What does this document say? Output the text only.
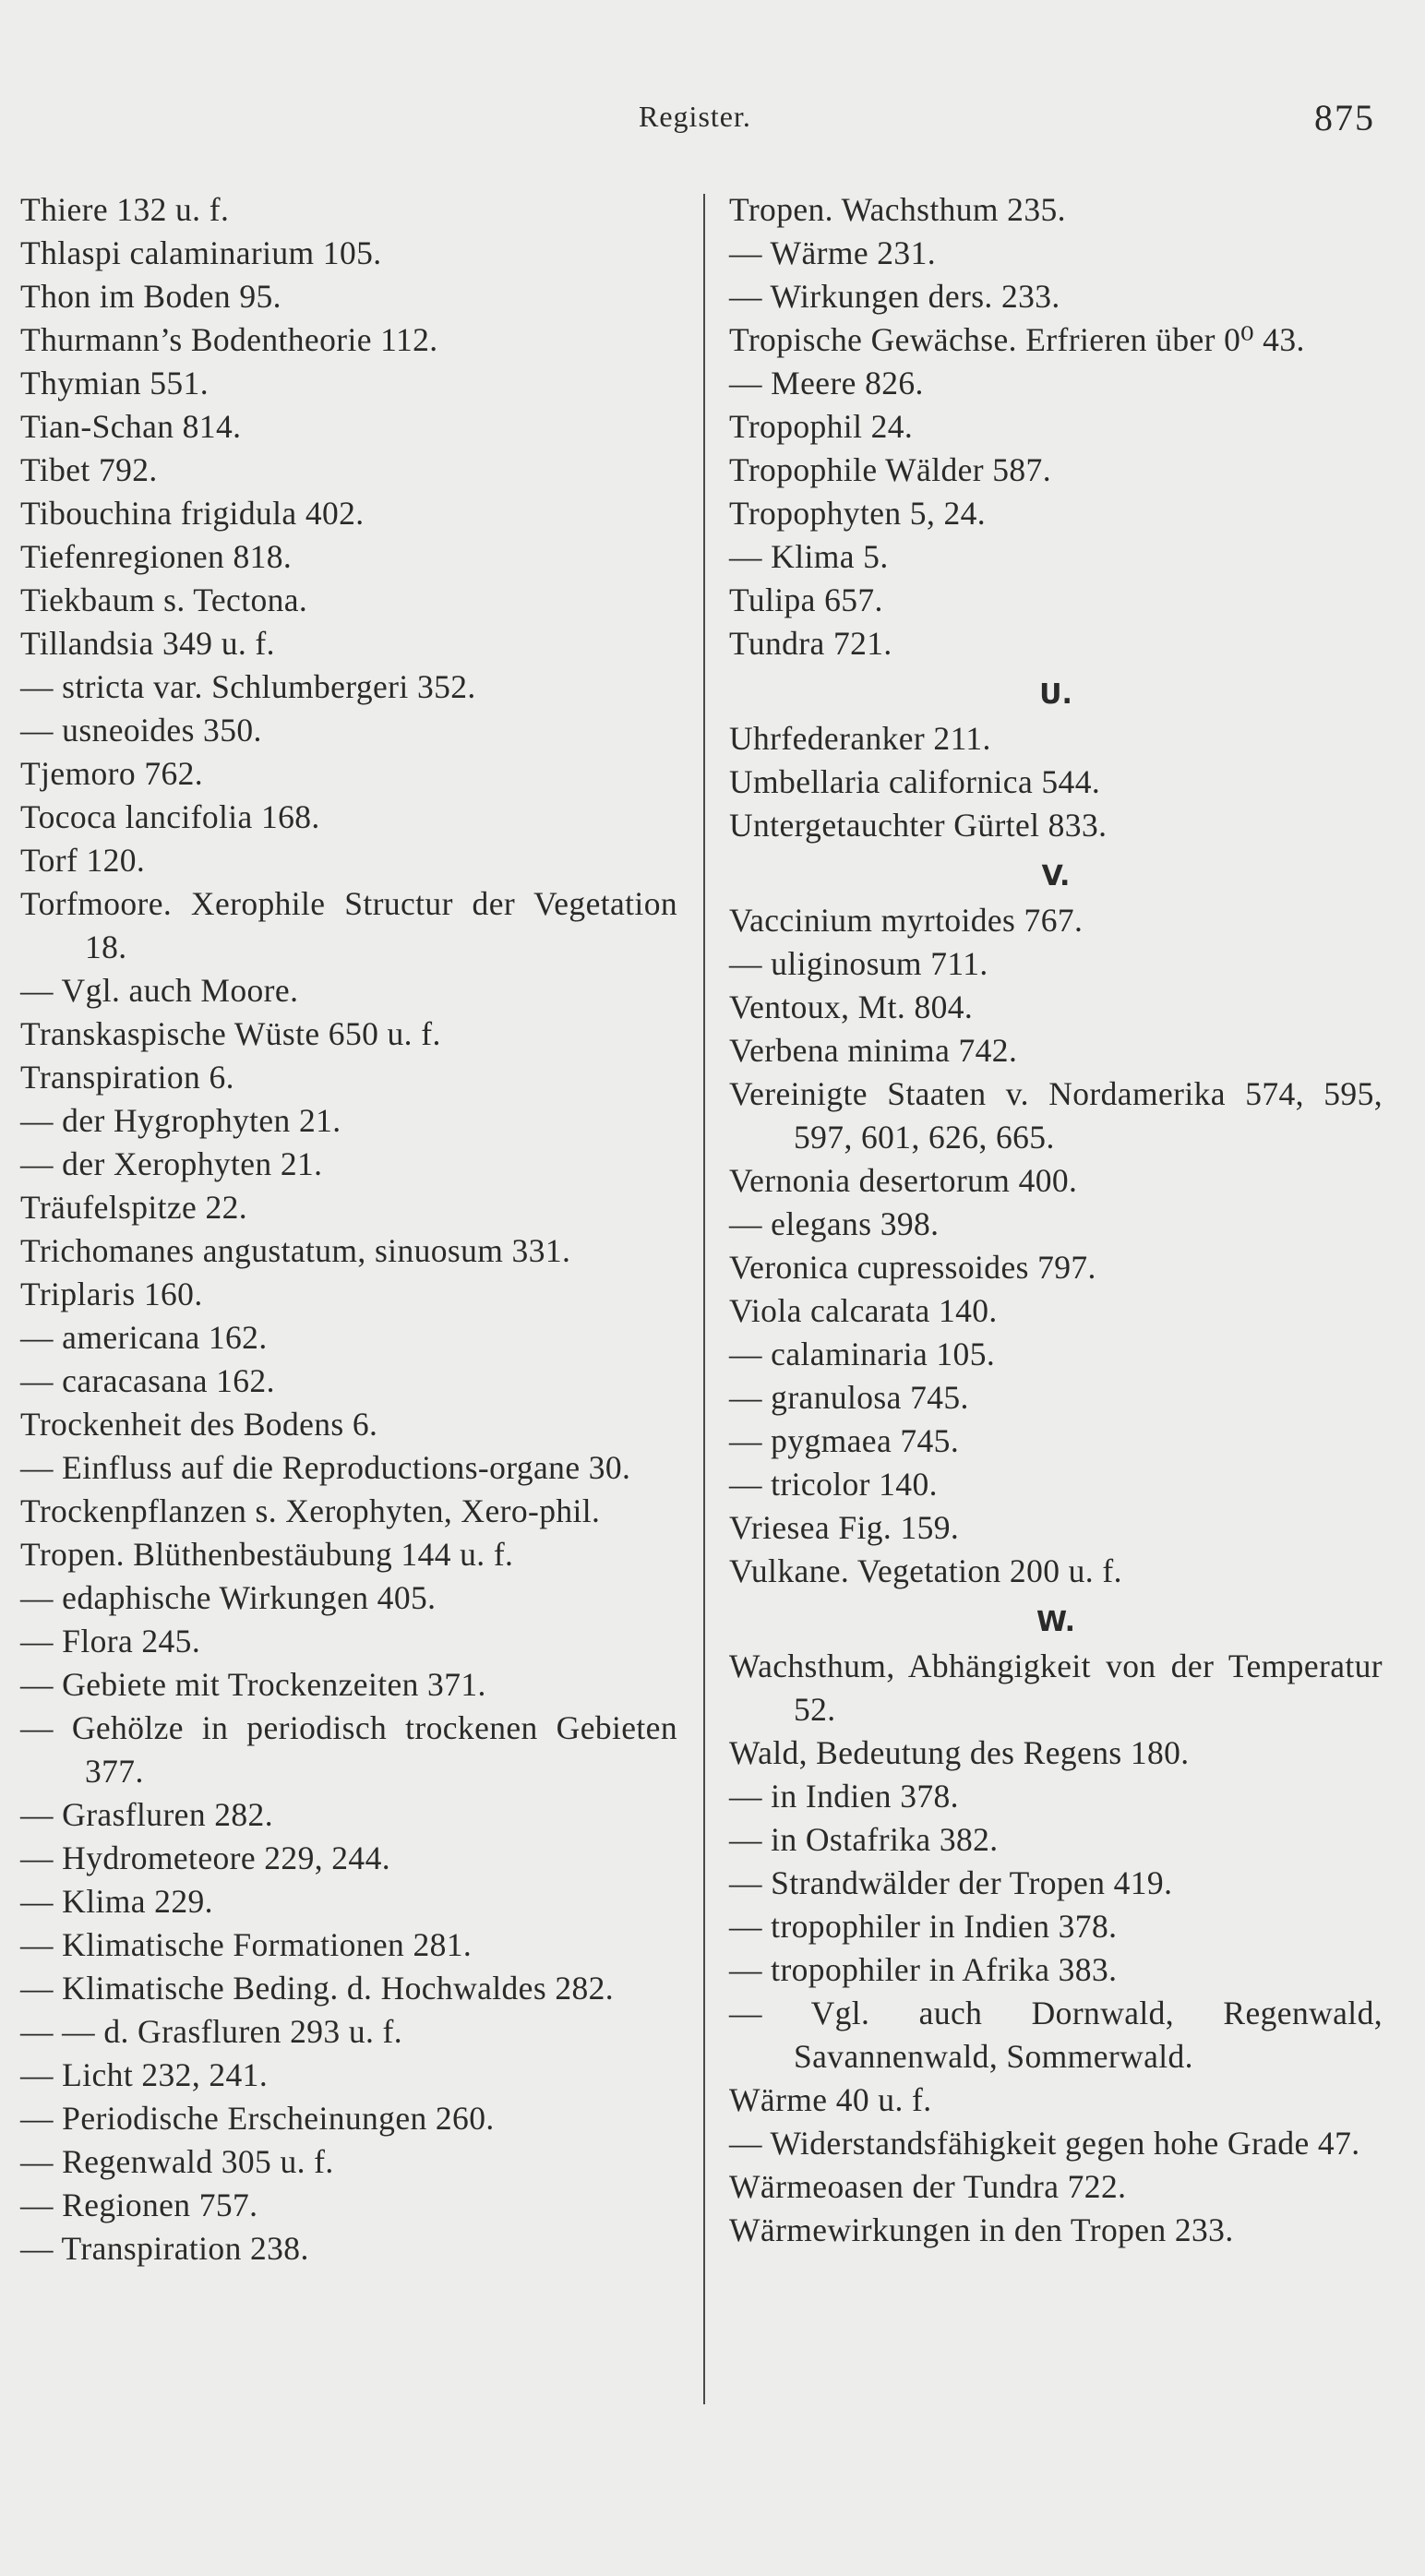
Register.	875
Thiere 132 u. f.
Thlaspi calaminarium 105.
Thon im Boden 95.
Thurmann’s Bodentheorie 112.
Thymian 551.
Tian-Schan 814.
Tibet 792.
Tibouchina frigidula 402.
Tiefenregionen 818.
Tiekbaum s. Tectona.
Tillandsia 349 u. f.
— stricta var. Schlumbergeri 352.
— usneoides 350.
Tjemoro 762.
Tococa lancifolia 168.
Torf 120.
Torfmoore. Xerophile Structur der Vegetation 18.
— Vgl. auch Moore.
Transkaspische Wüste 650 u. f.
Transpiration 6.
— der Hygrophyten 21.
— der Xerophyten 21.
Träufelspitze 22.
Trichomanes angustatum, sinuosum 331.
Triplaris 160.
— americana 162.
— caracasana 162.
Trockenheit des Bodens 6.
— Einfluss auf die Reproductions-organe 30.
Trockenpflanzen s. Xerophyten, Xero-phil.
Tropen. Blüthenbestäubung 144 u. f.
— edaphische Wirkungen 405.
— Flora 245.
— Gebiete mit Trockenzeiten 371.
— Gehölze in periodisch trockenen Gebieten 377.
— Grasfluren 282.
— Hydrometeore 229, 244.
— Klima 229.
— Klimatische Formationen 281.
— Klimatische Beding. d. Hochwaldes 282.
— — d. Grasfluren 293 u. f.
— Licht 232, 241.
— Periodische Erscheinungen 260.
— Regenwald 305 u. f.
— Regionen 757.
— Transpiration 238.
Tropen. Wachsthum 235.
— Wärme 231.
— Wirkungen ders. 233.
Tropische Gewächse. Erfrieren über 0⁰ 43.
— Meere 826.
Tropophil 24.
Tropophile Wälder 587.
Tropophyten 5, 24.
— Klima 5.
Tulipa 657.
Tundra 721.
U.
Uhrfederanker 211.
Umbellaria californica 544.
Untergetauchter Gürtel 833.
V.
Vaccinium myrtoides 767.
— uliginosum 711.
Ventoux, Mt. 804.
Verbena minima 742.
Vereinigte Staaten v. Nordamerika 574, 595, 597, 601, 626, 665.
Vernonia desertorum 400.
— elegans 398.
Veronica cupressoides 797.
Viola calcarata 140.
— calaminaria 105.
— granulosa 745.
— pygmaea 745.
— tricolor 140.
Vriesea Fig. 159.
Vulkane. Vegetation 200 u. f.
W.
Wachsthum, Abhängigkeit von der Temperatur 52.
Wald, Bedeutung des Regens 180.
— in Indien 378.
— in Ostafrika 382.
— Strandwälder der Tropen 419.
— tropophiler in Indien 378.
— tropophiler in Afrika 383.
— Vgl. auch Dornwald, Regenwald, Savannenwald, Sommerwald.
Wärme 40 u. f.
— Widerstandsfähigkeit gegen hohe Grade 47.
Wärmeoasen der Tundra 722.
Wärmewirkungen in den Tropen 233.
